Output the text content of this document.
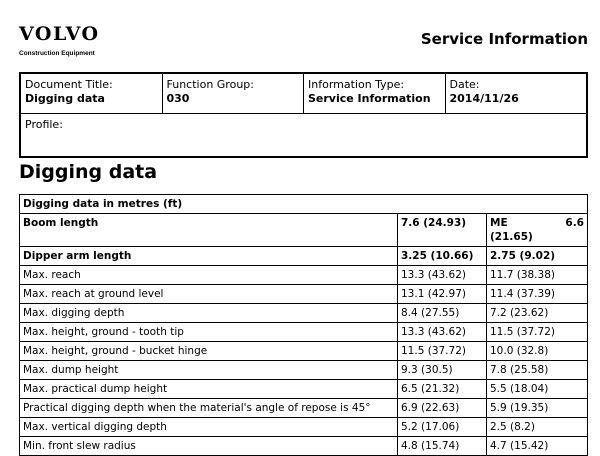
VOLVO
Construction Equipment
Service Information
Document Title:
Digging data
Function Group:
030
Information Type:
Service Information
Date:
2014/11/26
Profile:
Digging data
Digging data in metres (ft)		
Boom length	7.6 (24.93)	ME 6.6
(21.65)

Dipper arm length	3.25 (10.66)	2.75 (9.02)
Max. reach	13.3 (43.62)	11.7 (38.38)
Max. reach at ground level	13.1 (42.97)	11.4 (37.39)
Max. digging depth	8.4 (27.55)	7.2 (23.62)
Max. height, ground - tooth tip	13.3 (43.62)	11.5 (37.72)
Max. height, ground - bucket hinge	11.5 (37.72)	10.0 (32.8)
Max. dump height	9.3 (30.5)	7.8 (25.58)
Max. practical dump height	6.5 (21.32)	5.5 (18.04)
Practical digging depth when the material's angle of repose is 45°	6.9 (22.63)	5.9 (19.35)
Max. vertical digging depth	5.2 (17.06)	2.5 (8.2)
Min. front slew radius	4.8 (15.74)	4.7 (15.42)
